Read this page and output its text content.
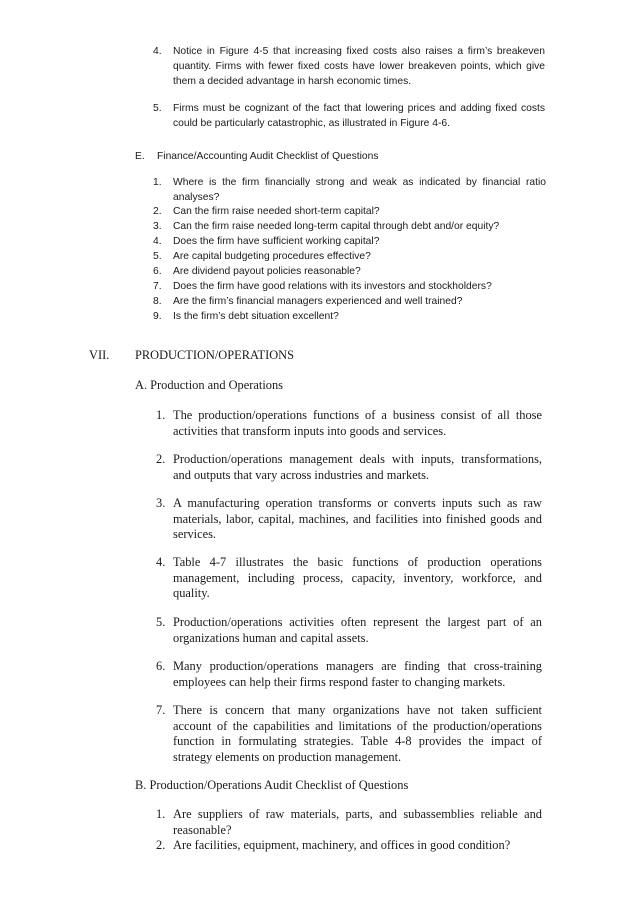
4.	Notice in Figure 4-5 that increasing fixed costs also raises a firm’s breakeven quantity. Firms with fewer fixed costs have lower breakeven points, which give them a decided advantage in harsh economic times.
5.	Firms must be cognizant of the fact that lowering prices and adding fixed costs could be particularly catastrophic, as illustrated in Figure 4-6.
E. Finance/Accounting Audit Checklist of Questions
1.	Where is the firm financially strong and weak as indicated by financial ratio analyses?
2.	Can the firm raise needed short-term capital?
3.	Can the firm raise needed long-term capital through debt and/or equity?
4.	Does the firm have sufficient working capital?
5.	Are capital budgeting procedures effective?
6.	Are dividend payout policies reasonable?
7.	Does the firm have good relations with its investors and stockholders?
8.	Are the firm’s financial managers experienced and well trained?
9.	Is the firm’s debt situation excellent?
VII. PRODUCTION/OPERATIONS
A. Production and Operations
1. The production/operations functions of a business consist of all those activities that transform inputs into goods and services.
2. Production/operations management deals with inputs, transformations, and outputs that vary across industries and markets.
3. A manufacturing operation transforms or converts inputs such as raw materials, labor, capital, machines, and facilities into finished goods and services.
4. Table 4-7 illustrates the basic functions of production operations management, including process, capacity, inventory, workforce, and quality.
5. Production/operations activities often represent the largest part of an organizations human and capital assets.
6. Many production/operations managers are finding that cross-training employees can help their firms respond faster to changing markets.
7. There is concern that many organizations have not taken sufficient account of the capabilities and limitations of the production/operations function in formulating strategies. Table 4-8 provides the impact of strategy elements on production management.
B. Production/Operations Audit Checklist of Questions
1. Are suppliers of raw materials, parts, and subassemblies reliable and reasonable?
2. Are facilities, equipment, machinery, and offices in good condition?
